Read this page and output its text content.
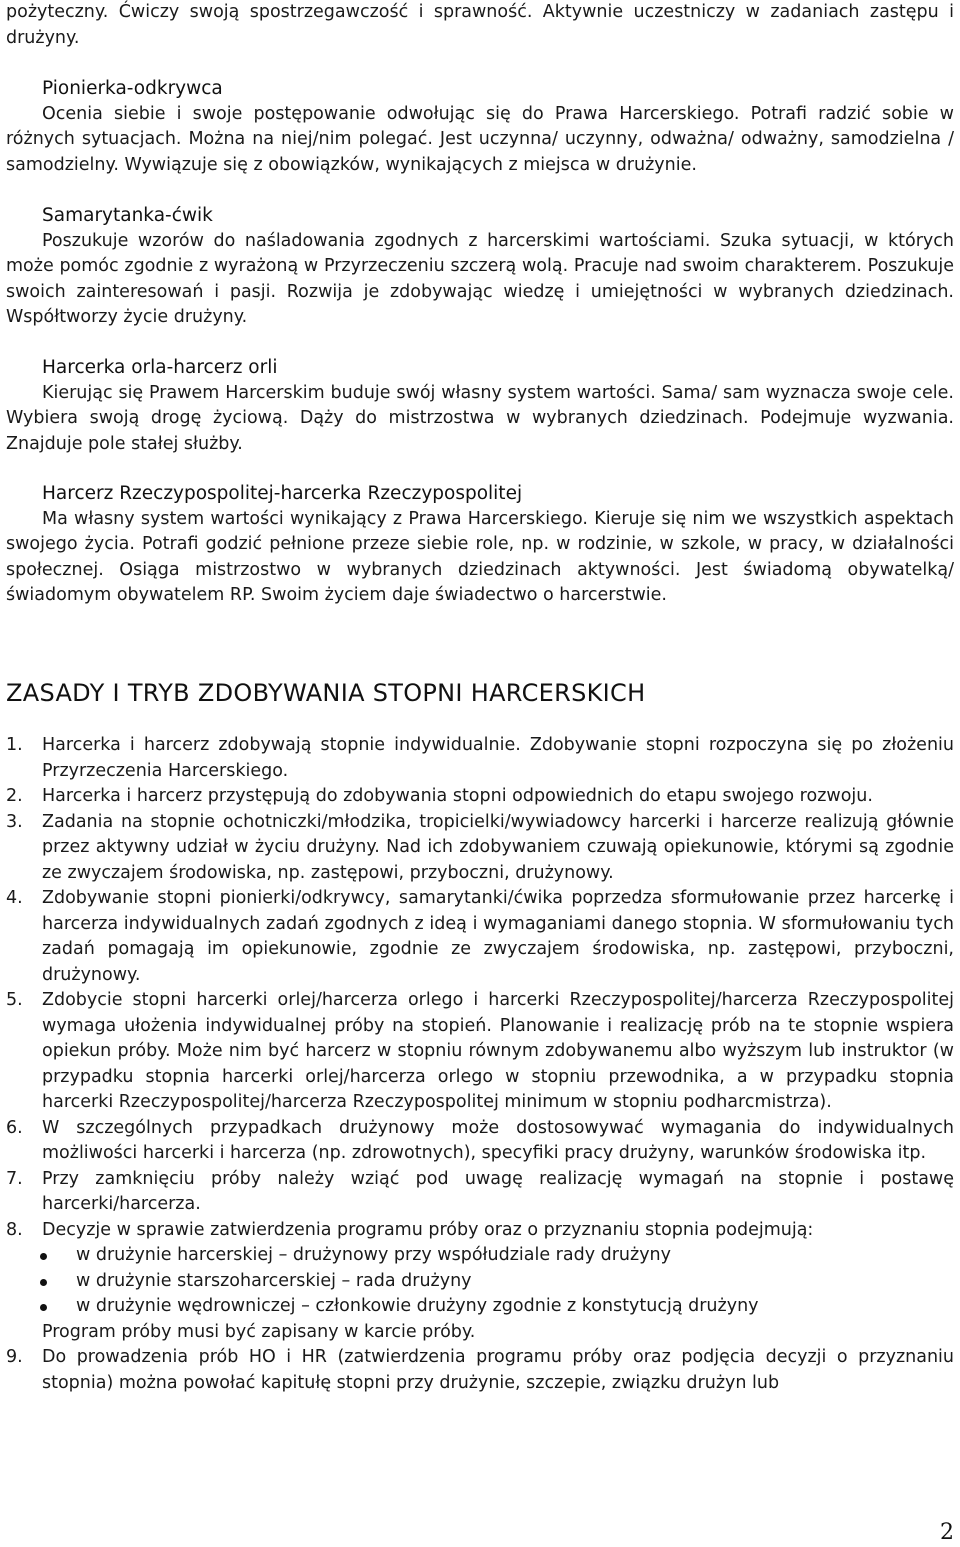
pożyteczny. Ćwiczy swoją spostrzegawczość i sprawność. Aktywnie uczestniczy w zadaniach zastępu i drużyny.

Pionierka-odkrywca

Ocenia siebie i swoje postępowanie odwołując się do Prawa Harcerskiego. Potrafi radzić sobie w różnych sytuacjach. Można na niej/nim polegać. Jest uczynna/ uczynny, odważna/ odważny, samodzielna / samodzielny. Wywiązuje się z obowiązków, wynikających z miejsca w drużynie.

Samarytanka-ćwik

Poszukuje wzorów do naśladowania zgodnych z harcerskimi wartościami. Szuka sytuacji, w których może pomóc zgodnie z wyrażoną w Przyrzeczeniu szczerą wolą. Pracuje nad swoim charakterem. Poszukuje swoich zainteresowań i pasji. Rozwija je zdobywając wiedzę i umiejętności w wybranych dziedzinach. Współtworzy życie drużyny.

Harcerka orla-harcerz orli

Kierując się Prawem Harcerskim buduje swój własny system wartości. Sama/ sam wyznacza swoje cele. Wybiera swoją drogę życiową. Dąży do mistrzostwa w wybranych dziedzinach. Podejmuje wyzwania. Znajduje pole stałej służby.

Harcerz Rzeczypospolitej-harcerka Rzeczypospolitej

Ma własny system wartości wynikający z Prawa Harcerskiego. Kieruje się nim we wszystkich aspektach swojego życia. Potrafi godzić pełnione przeze siebie role, np. w rodzinie, w szkole, w pracy, w działalności społecznej. Osiąga mistrzostwo w wybranych dziedzinach aktywności. Jest świadomą obywatelką/świadomym obywatelem RP. Swoim życiem daje świadectwo o harcerstwie.

ZASADY I TRYB ZDOBYWANIA STOPNI HARCERSKICH
1. Harcerka i harcerz zdobywają stopnie indywidualnie. Zdobywanie stopni rozpoczyna się po złożeniu Przyrzeczenia Harcerskiego.
2. Harcerka i harcerz przystępują do zdobywania stopni odpowiednich do etapu swojego rozwoju.
3. Zadania na stopnie ochotniczki/młodzika, tropicielki/wywiadowcy harcerki i harcerze realizują głównie przez aktywny udział w życiu drużyny. Nad ich zdobywaniem czuwają opiekunowie, którymi są zgodnie ze zwyczajem środowiska, np. zastępowi, przyboczni, drużynowy.
4. Zdobywanie stopni pionierki/odkrywcy, samarytanki/ćwika poprzedza sformułowanie przez harcerkę i harcerza indywidualnych zadań zgodnych z ideą i wymaganiami danego stopnia. W sformułowaniu tych zadań pomagają im opiekunowie, zgodnie ze zwyczajem środowiska, np. zastępowi, przyboczni, drużynowy.
5. Zdobycie stopni harcerki orlej/harcerza orlego i harcerki Rzeczypospolitej/harcerza Rzeczypospolitej wymaga ułożenia indywidualnej próby na stopień. Planowanie i realizację prób na te stopnie wspiera opiekun próby. Może nim być harcerz w stopniu równym zdobywanemu albo wyższym lub instruktor (w przypadku stopnia harcerki orlej/harcerza orlego w stopniu przewodnika, a w przypadku stopnia harcerki Rzeczypospolitej/harcerza Rzeczypospolitej minimum w stopniu podharcmistrza).
6. W szczególnych przypadkach drużynowy może dostosowywać wymagania do indywidualnych możliwości harcerki i harcerza (np. zdrowotnych), specyfiki pracy drużyny, warunków środowiska itp.
7. Przy zamknięciu próby należy wziąć pod uwagę realizację wymagań na stopnie i postawę harcerki/harcerza.
8. Decyzje w sprawie zatwierdzenia programu próby oraz o przyznaniu stopnia podejmują:
w drużynie harcerskiej – drużynowy przy współudziale rady drużyny
w drużynie starszoharcerskiej – rada drużyny
w drużynie wędrowniczej – członkowie drużyny zgodnie z konstytucją drużyny
Program próby musi być zapisany w karcie próby.
9. Do prowadzenia prób HO i HR (zatwierdzenia programu próby oraz podjęcia decyzji o przyznaniu stopnia) można powołać kapitułę stopni przy drużynie, szczepie, związku drużyn lub
2
